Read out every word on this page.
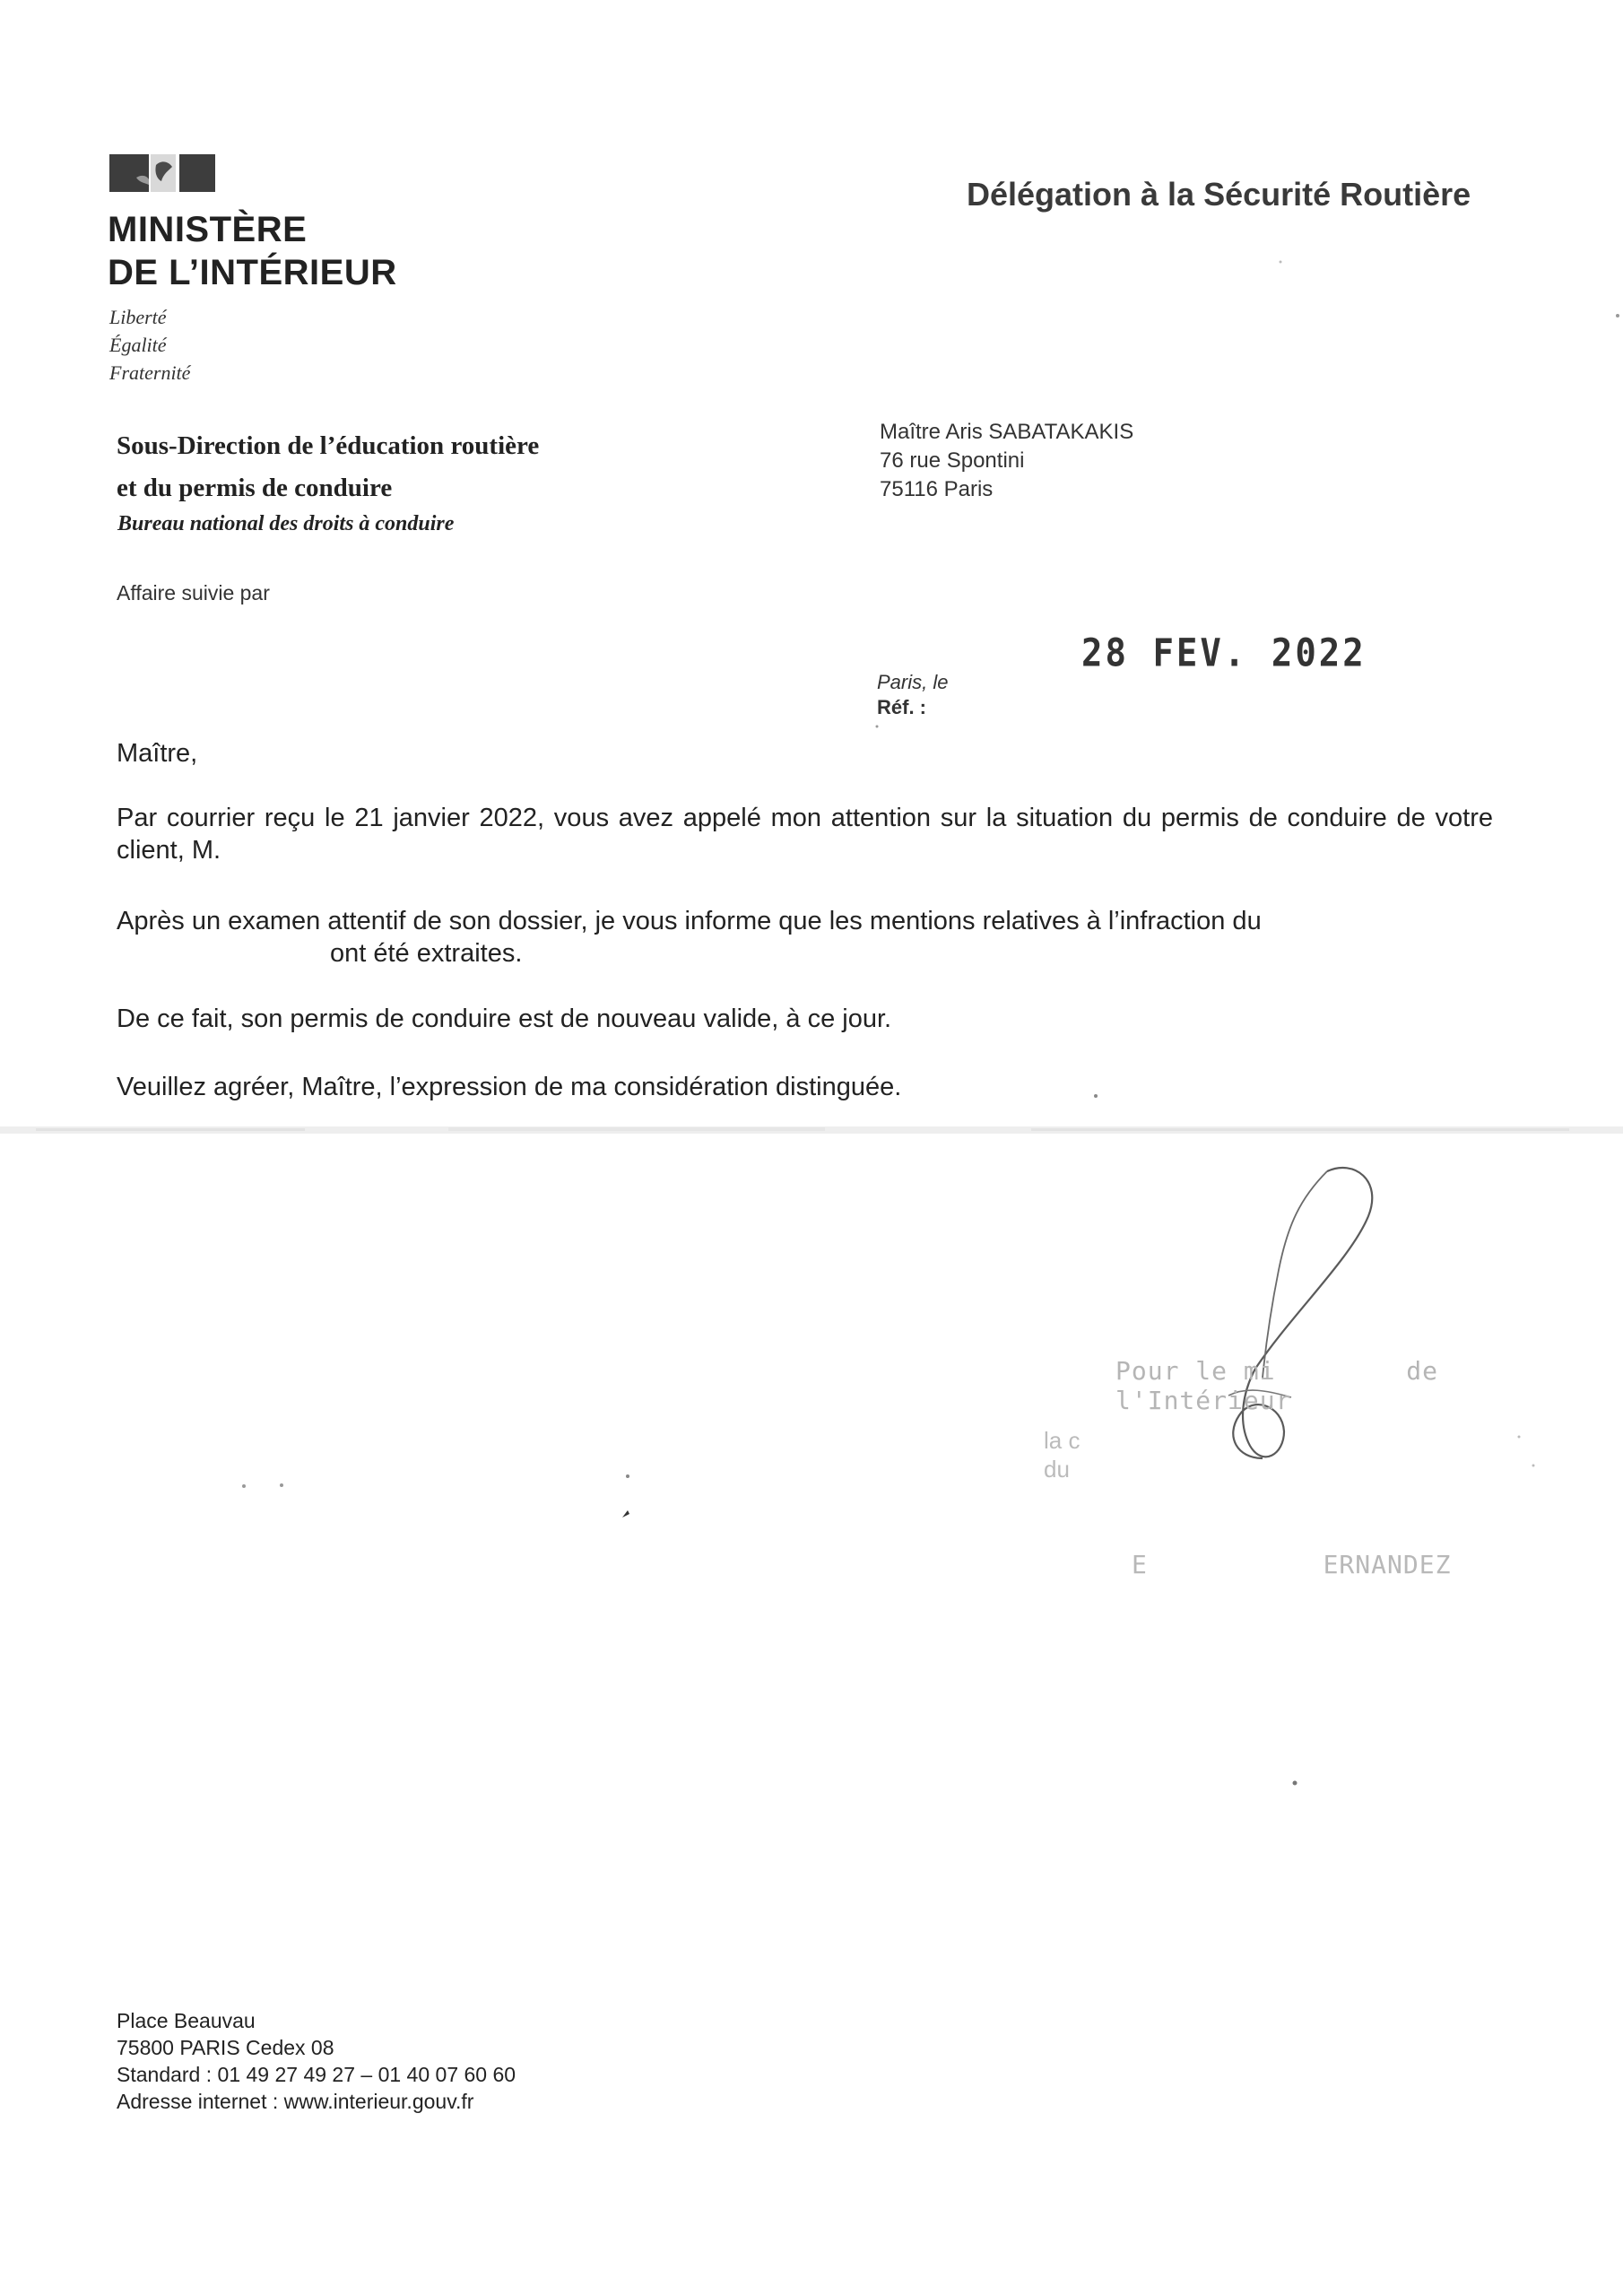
MINISTÈRE
DE L’INTÉRIEUR
Liberté
Égalité
Fraternité
Délégation à la Sécurité Routière
Sous-Direction de l’éducation routière
et du permis de conduire
Bureau national des droits à conduire
Affaire suivie par
Maître Aris SABATAKAKIS
76 rue Spontini
75116 Paris
28 FEV. 2022
Paris, le
Réf. :
Maître,
Par courrier reçu le 21 janvier 2022, vous avez appelé mon attention sur la situation du permis de conduire de votre client, M.
Après un examen attentif de son dossier, je vous informe que les mentions relatives à l’infraction du
ont été extraites.
De ce fait, son permis de conduire est de nouveau valide, à ce jour.
Veuillez agréer, Maître, l’expression de ma considération distinguée.
Pour le mi	de l'Intérieur
la c
du
E	ERNANDEZ
Place Beauvau
75800 PARIS Cedex 08
Standard : 01 49 27 49 27 – 01 40 07 60 60
Adresse internet : www.interieur.gouv.fr
